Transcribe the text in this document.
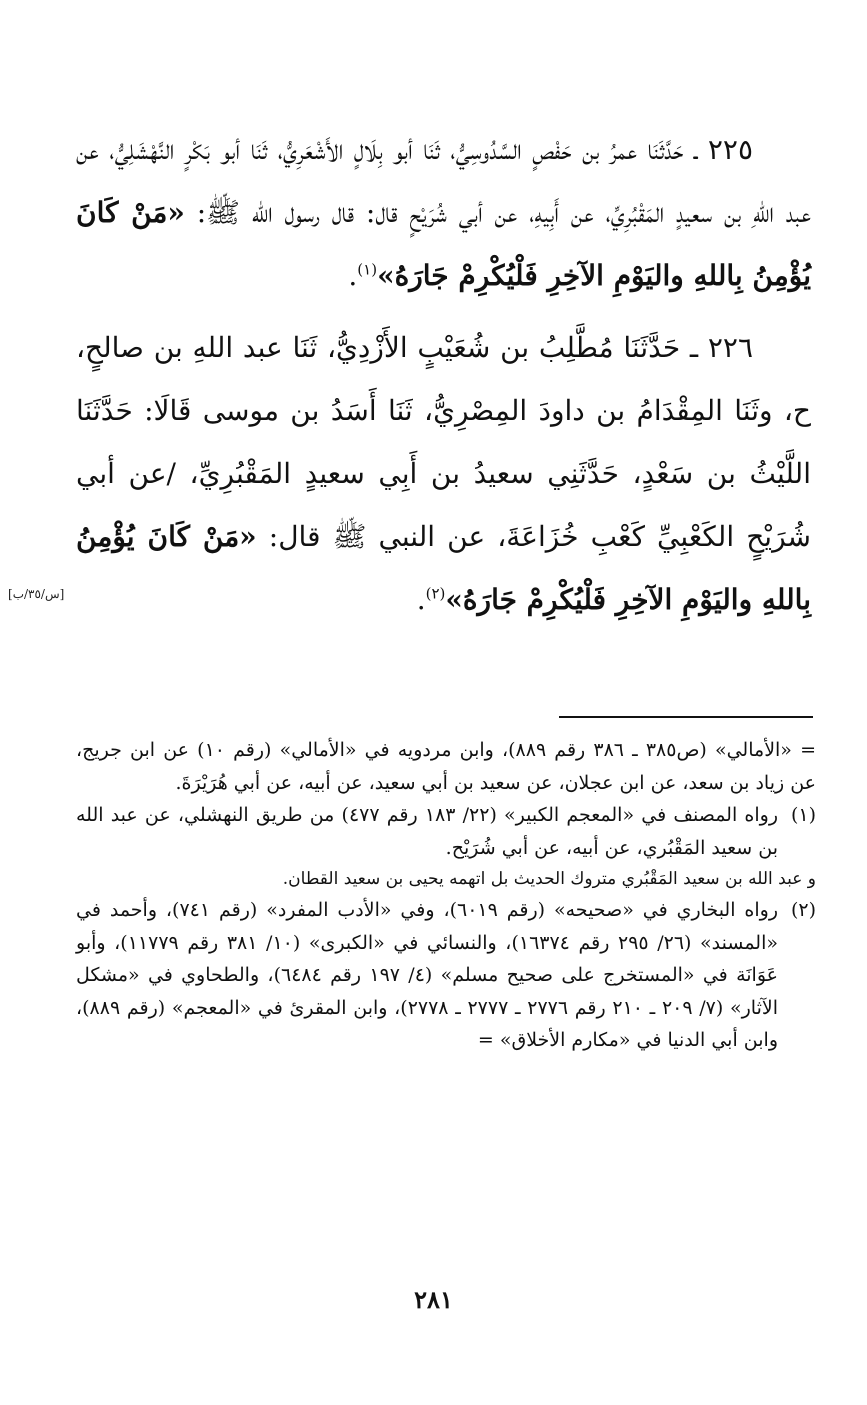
٢٢٥ ـ حَدَّثَنَا عمرُ بن حَفْصٍ السَّدُوسِيُّ، ثَنَا أبو بِلَالٍ الأَشْعَرِيُّ، ثَنَا أبو بَكْرٍ النَّهْشَلِيُّ، عن عبد اللهِ بن سعيدٍ المَقْبُرِيِّ، عن أَبِيهِ، عن أبي شُرَيْحٍ قال: قال رسول الله ﷺ: «مَنْ كَانَ يُؤْمِنُ بِاللهِ واليَوْمِ الآخِرِ فَلْيُكْرِمْ جَارَهُ»$^{(١)}$.

٢٢٦ ـ حَدَّثَنَا مُطَّلِبُ بن شُعَيْبٍ الأَزْدِيُّ، ثَنَا عبد اللهِ بن صالحٍ، ح، وثَنَا المِقْدَامُ بن داودَ المِصْرِيُّ، ثَنَا أَسَدُ بن موسى قَالَا: حَدَّثَنَا اللَّيْثُ بن سَعْدٍ، حَدَّثَنِي سعيدُ بن أَبِي سعيدٍ المَقْبُرِيِّ، /عن أبي شُرَيْحٍ الكَعْبِيِّ كَعْبِ خُزَاعَةَ، عن النبي ﷺ قال: «مَنْ كَانَ يُؤْمِنُ بِاللهِ واليَوْمِ الآخِرِ فَلْيُكْرِمْ جَارَهُ»$^{(٢)}$.

[س/٣٥/ب]

= «الأمالي» (ص٣٨٥ ـ ٣٨٦ رقم ٨٨٩)، وابن مردويه في «الأمالي» (رقم ١٠) عن ابن جريج، عن زياد بن سعد، عن ابن عجلان، عن سعيد بن أبي سعيد، عن أبيه، عن أبي هُرَيْرَةَ.

(١)
رواه المصنف في «المعجم الكبير» (٢٢/ ١٨٣ رقم ٤٧٧) من طريق النهشلي، عن عبد الله بن سعيد المَقْبُري، عن أبيه، عن أبي شُرَيْح.

و عبد الله بن سعيد المَقْبُري متروك الحديث بل اتهمه يحيى بن سعيد القطان.

(٢)
رواه البخاري في «صحيحه» (رقم ٦٠١٩)، وفي «الأدب المفرد» (رقم ٧٤١)، وأحمد في «المسند» (٢٦/ ٢٩٥ رقم ١٦٣٧٤)، والنسائي في «الكبرى» (١٠/ ٣٨١ رقم ١١٧٧٩)، وأبو عَوَانَة في «المستخرج على صحيح مسلم» (٤/ ١٩٧ رقم ٦٤٨٤)، والطحاوي في «مشكل الآثار» (٧/ ٢٠٩ ـ ٢١٠ رقم ٢٧٧٦ ـ ٢٧٧٧ ـ ٢٧٧٨)، وابن المقرئ في «المعجم» (رقم ٨٨٩)، وابن أبي الدنيا في «مكارم الأخلاق» =

٢٨١
